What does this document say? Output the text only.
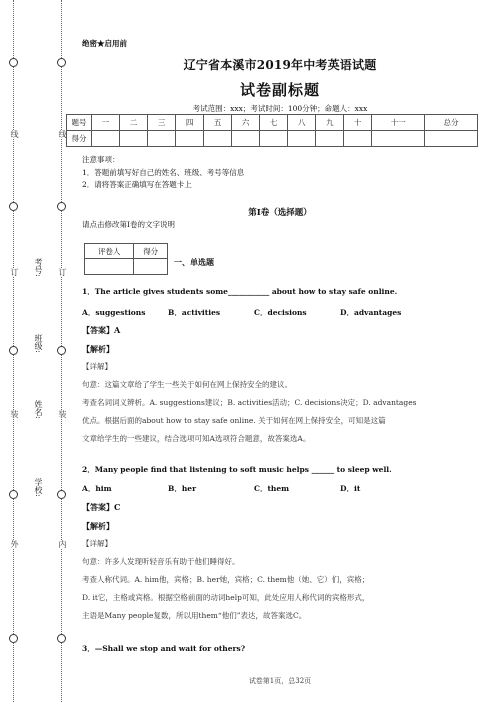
外
装
订
线
内
装
订
线
学校:
姓名:
班级:
考号:
绝密★启用前
辽宁省本溪市2019年中考英语试题
试卷副标题
考试范围：xxx；考试时间：100分钟；命题人：xxx
题号	一	二	三	四	五	六	七	八	九	十	十一	总分
得分												
注意事项：
1．答题前填写好自己的姓名、班级、考号等信息
2．请将答案正确填写在答题卡上
第I卷（选择题）
请点击修改第I卷的文字说明
评卷人	得分

一、单选题
1．The article gives students some___________ about how to stay safe online.
A．suggestions	B．activities	C．decisions	D．advantages
【答案】A
【解析】

【详解】

句意：这篇文章给了学生一些关于如何在网上保持安全的建议。

考查名词词义辨析。A. suggestions建议；B. activities活动；C. decisions决定；D. advantages

优点。根据后面的about how to stay safe online. 关于如何在网上保持安全，可知是这篇

文章给学生的一些建议，结合选项可知A选项符合题意，故答案选A。

2．Many people find that listening to soft music helps ______ to sleep well.
A．him	B．her	C．them	D．it
【答案】C
【解析】

【详解】

句意：许多人发现听轻音乐有助于他们睡得好。

考查人称代词。A. him他，宾格；B. her她，宾格；C. them他（她、它）们，宾格；

D. it它，主格或宾格。根据空格前面的动词help可知，此处应用人称代词的宾格形式，

主语是Many people复数，所以用them“他们”表达，故答案选C。

3．—Shall we stop and wait for others?
试卷第1页，总32页
